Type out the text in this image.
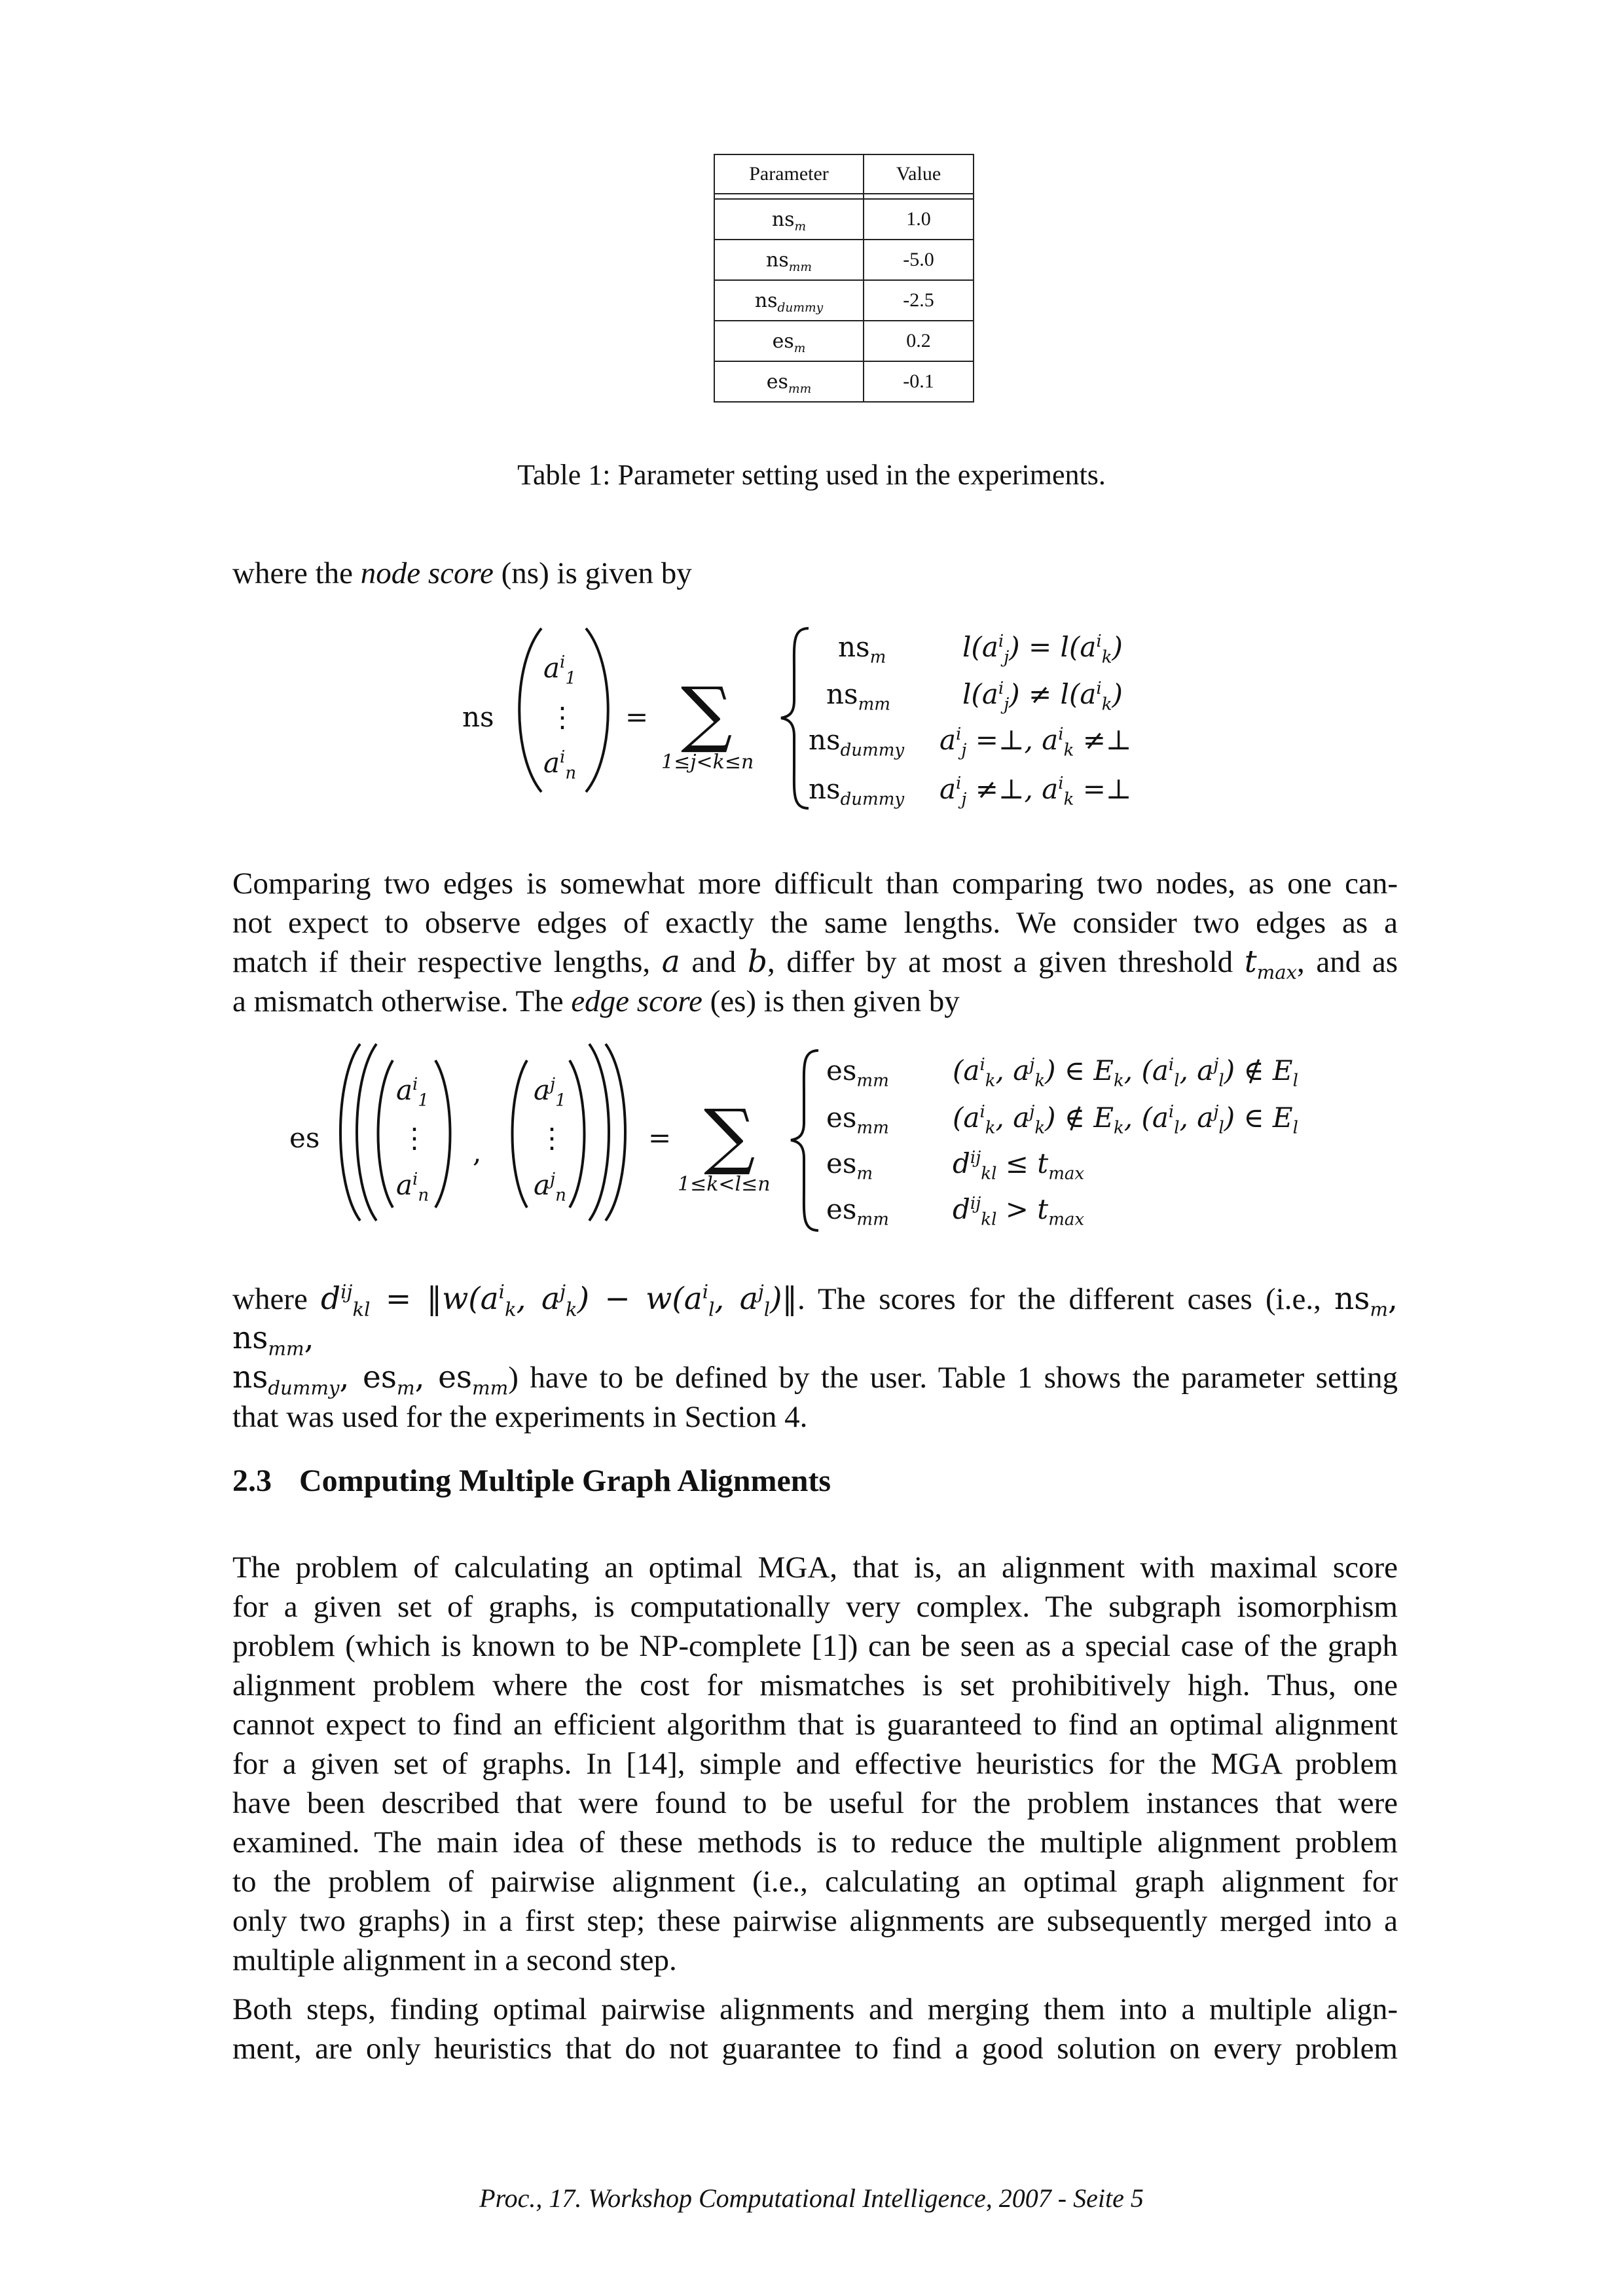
Parameter	Value

$ns_m$	1.0
$ns_{mm}$	-5.0
$ns_{dummy}$	-2.5
$es_m$	0.2
$es_{mm}$	-0.1
Table 1: Parameter setting used in the experiments.
where the node score (ns) is given by
ns
$a^i_1$
⋮
$a^i_n$
= ∑
1≤j<k≤n
$ns_m$
$ns_{mm}$
$ns_{dummy}$
$ns_{dummy}$
$l(a^i_j) = l(a^i_k)$
$l(a^i_j) \ne l(a^i_k)$
$a^i_j$ =⊥, $a^i_k$ ≠⊥
$a^i_j$ ≠⊥, $a^i_k$ =⊥
Comparing two edges is somewhat more difficult than comparing two nodes, as one can-
not expect to observe edges of exactly the same lengths. We consider two edges as a
match if their respective lengths, a and b, differ by at most a given threshold $t_{max}$, and as
a mismatch otherwise. The edge score (es) is then given by
es
$a^i_1$
⋮
$a^i_n$
,
$a^j_1$
⋮
$a^j_n$
= ∑
1≤k<l≤n
$es_{mm}$
$es_{mm}$
$es_m$
$es_{mm}$
($a^i_k$, $a^j_k$) ∈ $E_k$, ($a^i_l$, $a^j_l$) ∉ $E_l$
($a^i_k$, $a^j_k$) ∉ $E_k$, ($a^i_l$, $a^j_l$) ∈ $E_l$
$d^{ij}_{kl} \le t_{max}$
$d^{ij}_{kl} > t_{max}$
where $d^{ij}_{kl}$ = $‖w(a^i_k$, $a^j_k) - w(a^i_l$, $a^j_l)‖$. The scores for the different cases (i.e., $ns_m$, $ns_{mm}$,
$ns_{dummy}$, $es_m$, $es_{mm}$) have to be defined by the user. Table 1 shows the parameter setting
that was used for the experiments in Section 4.
2.3 Computing Multiple Graph Alignments
The problem of calculating an optimal MGA, that is, an alignment with maximal score
for a given set of graphs, is computationally very complex. The subgraph isomorphism
problem (which is known to be NP-complete [1]) can be seen as a special case of the graph
alignment problem where the cost for mismatches is set prohibitively high. Thus, one
cannot expect to find an efficient algorithm that is guaranteed to find an optimal alignment
for a given set of graphs. In [14], simple and effective heuristics for the MGA problem
have been described that were found to be useful for the problem instances that were
examined. The main idea of these methods is to reduce the multiple alignment problem
to the problem of pairwise alignment (i.e., calculating an optimal graph alignment for
only two graphs) in a first step; these pairwise alignments are subsequently merged into a
multiple alignment in a second step.
Both steps, finding optimal pairwise alignments and merging them into a multiple align-
ment, are only heuristics that do not guarantee to find a good solution on every problem
Proc., 17. Workshop Computational Intelligence, 2007 - Seite 5
